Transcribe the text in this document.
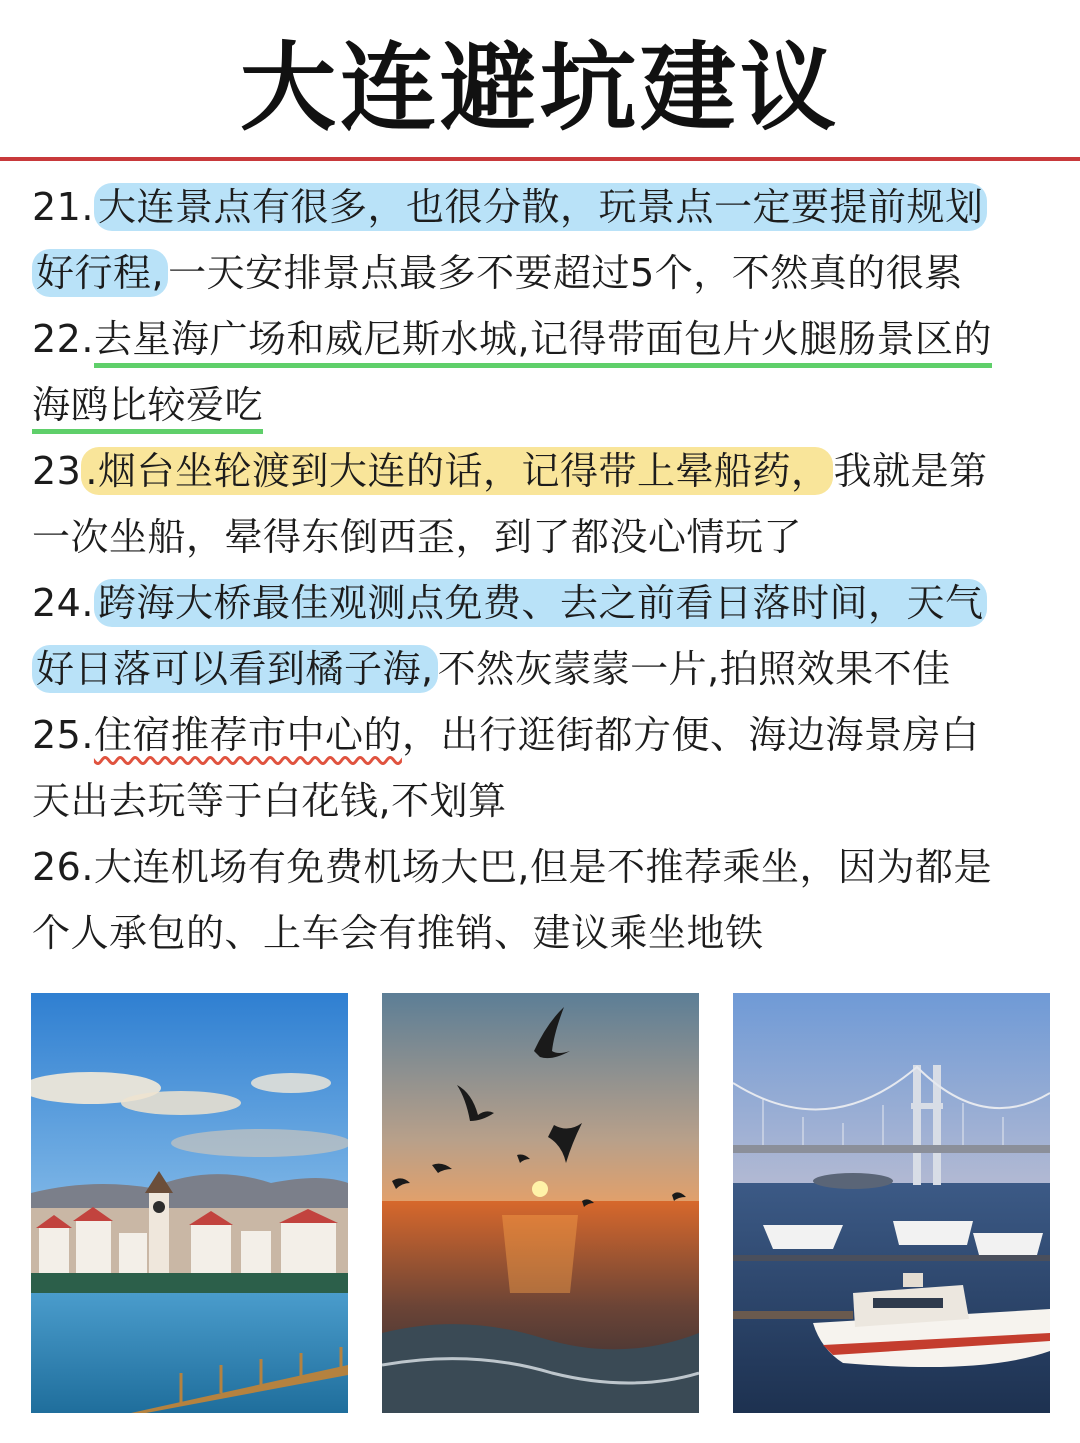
大连避坑建议
21. 大连景点有很多，也很分散，玩景点一定要提前规划
好行程, 一天安排景点最多不要超过5个，不然真的很累
22.去星海广场和威尼斯水城,记得带面包片火腿肠景区的
海鸥比较爱吃
23 .烟台坐轮渡到大连的话，记得带上晕船药， 我就是第
一次坐船，晕得东倒西歪，到了都没心情玩了
24. 跨海大桥最佳观测点免费、去之前看日落时间，天气
好日落可以看到橘子海, 不然灰蒙蒙一片,拍照效果不佳
25.住宿推荐市中心的，出行逛街都方便、海边海景房白
天出去玩等于白花钱,不划算
26.大连机场有免费机场大巴,但是不推荐乘坐，因为都是
个人承包的、上车会有推销、建议乘坐地铁
